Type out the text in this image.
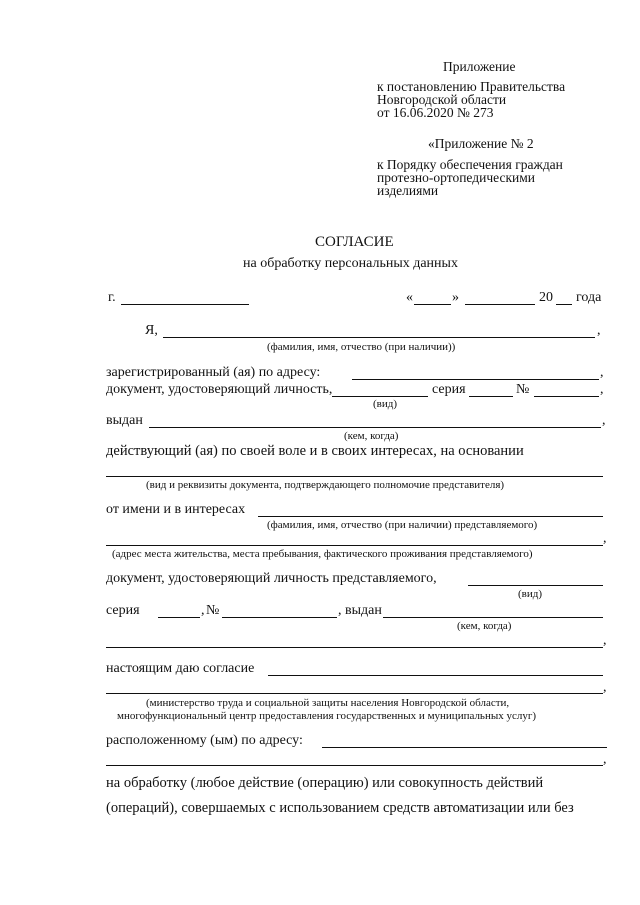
Приложение
к постановлению Правительства
Новгородской области
от 16.06.2020 № 273
«Приложение № 2
к Порядку обеспечения граждан
протезно-ортопедическими
изделиями
СОГЛАСИЕ
на обработку персональных данных
г.	«	»	20 года
Я,	,
(фамилия, имя, отчество (при наличии))
зарегистрированный (ая) по адресу:	,
документ, удостоверяющий личность,	серия	№	,
(вид)
выдан	,
(кем, когда)
действующий (ая) по своей воле и в своих интересах, на основании
(вид и реквизиты документа, подтверждающего полномочие представителя)
от имени и в интересах
(фамилия, имя, отчество (при наличии) представляемого)
,
(адрес места жительства, места пребывания, фактического проживания представляемого)
документ, удостоверяющий личность представляемого,
(вид)
серия	, №	, выдан
(кем, когда)
,
настоящим даю согласие
,
(министерство труда и социальной защиты населения Новгородской области,
многофункциональный центр предоставления государственных и муниципальных услуг)
расположенному (ым) по адресу:
,
на обработку (любое действие (операцию) или совокупность действий
(операций), совершаемых с использованием средств автоматизации или без
